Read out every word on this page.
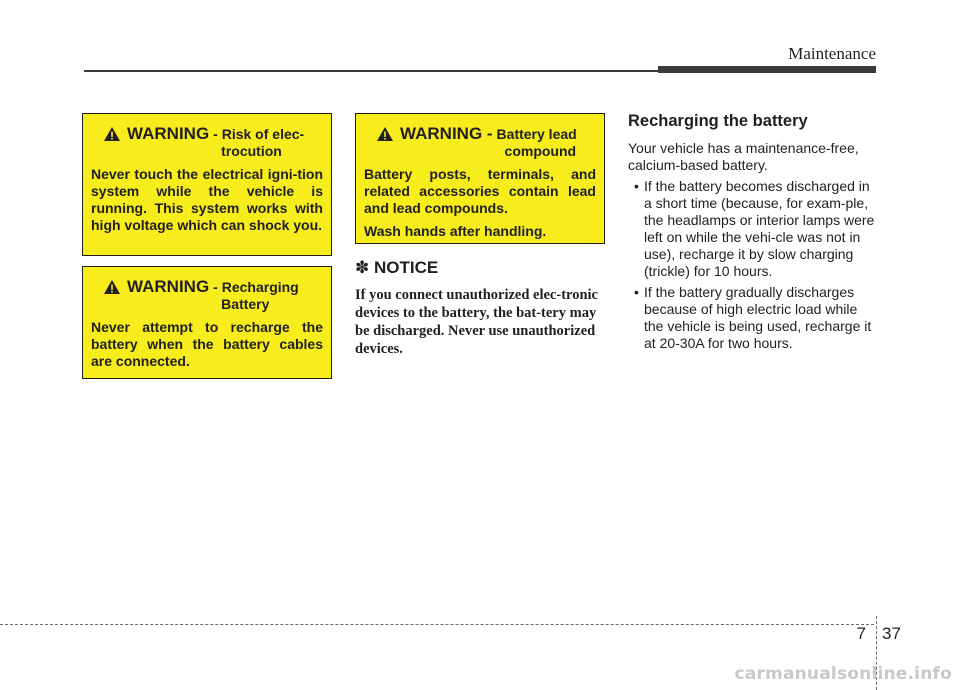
Maintenance
WARNING - Risk of elec-
trocution

Never touch the electrical igni-tion system while the vehicle is running. This system works with high voltage which can shock you.

WARNING - Recharging
Battery

Never attempt to recharge the battery when the battery cables are connected.

WARNING - Battery lead
compound

Battery posts, terminals, and related accessories contain lead and lead compounds.

Wash hands after handling.

✽ NOTICE
If you connect unauthorized elec-tronic devices to the battery, the bat-tery may be discharged. Never use unauthorized devices.
Recharging the battery
Your vehicle has a maintenance-free, calcium-based battery.
• If the battery becomes discharged in a short time (because, for exam-ple, the headlamps or interior lamps were left on while the vehi-cle was not in use), recharge it by slow charging (trickle) for 10 hours.
• If the battery gradually discharges because of high electric load while the vehicle is being used, recharge it at 20-30A for two hours.
7 37
carmanualsonline.info
